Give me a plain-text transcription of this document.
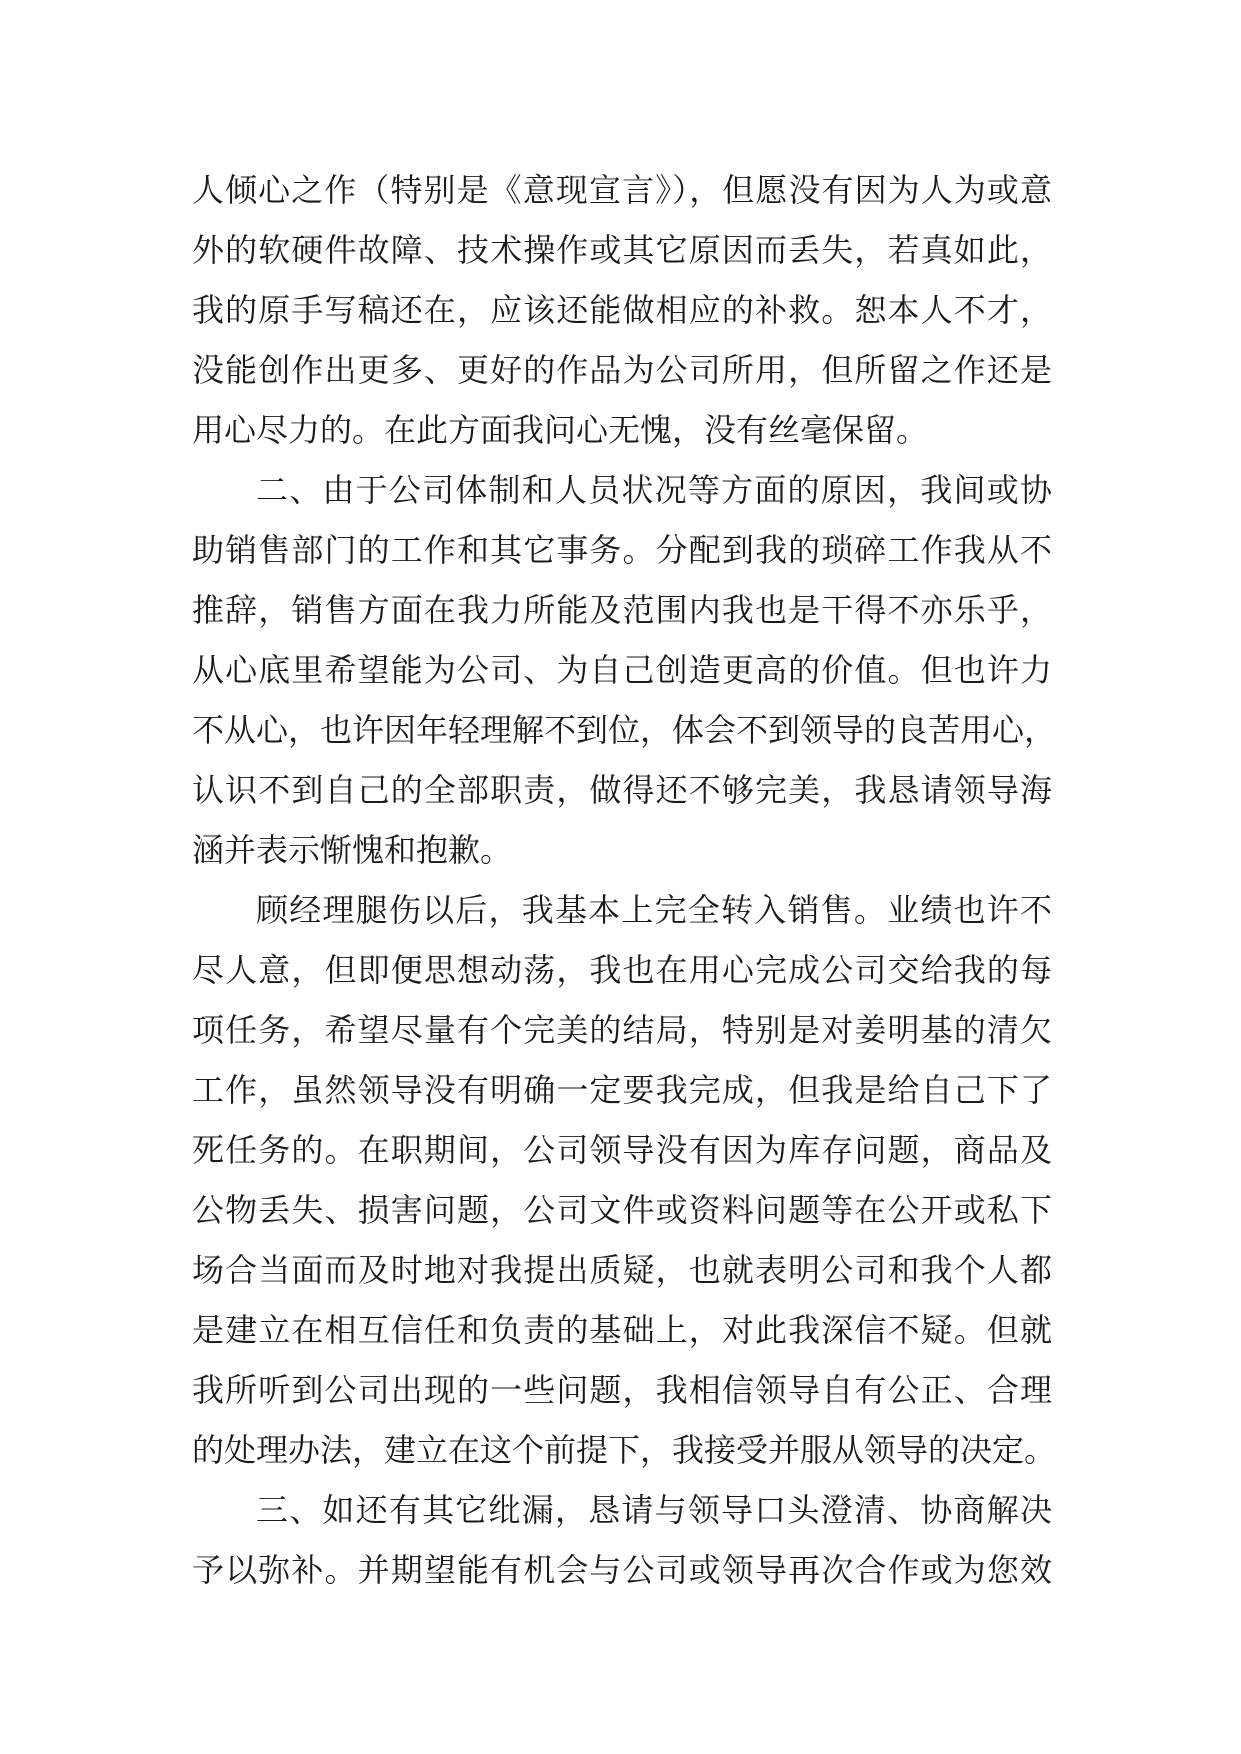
人倾心之作（特别是《意现宣言》），但愿没有因为人为或意
外的软硬件故障、技术操作或其它原因而丢失，若真如此，
我的原手写稿还在，应该还能做相应的补救。恕本人不才，
没能创作出更多、更好的作品为公司所用，但所留之作还是
用心尽力的。在此方面我问心无愧，没有丝毫保留。
二、由于公司体制和人员状况等方面的原因，我间或协
助销售部门的工作和其它事务。分配到我的琐碎工作我从不
推辞，销售方面在我力所能及范围内我也是干得不亦乐乎，
从心底里希望能为公司、为自己创造更高的价值。但也许力
不从心，也许因年轻理解不到位，体会不到领导的良苦用心，
认识不到自己的全部职责，做得还不够完美，我恳请领导海
涵并表示惭愧和抱歉。
顾经理腿伤以后，我基本上完全转入销售。业绩也许不
尽人意，但即便思想动荡，我也在用心完成公司交给我的每
项任务，希望尽量有个完美的结局，特别是对姜明基的清欠
工作，虽然领导没有明确一定要我完成，但我是给自己下了
死任务的。在职期间，公司领导没有因为库存问题，商品及
公物丢失、损害问题，公司文件或资料问题等在公开或私下
场合当面而及时地对我提出质疑，也就表明公司和我个人都
是建立在相互信任和负责的基础上，对此我深信不疑。但就
我所听到公司出现的一些问题，我相信领导自有公正、合理
的处理办法，建立在这个前提下，我接受并服从领导的决定。
三、如还有其它纰漏，恳请与领导口头澄清、协商解决
予以弥补。并期望能有机会与公司或领导再次合作或为您效
